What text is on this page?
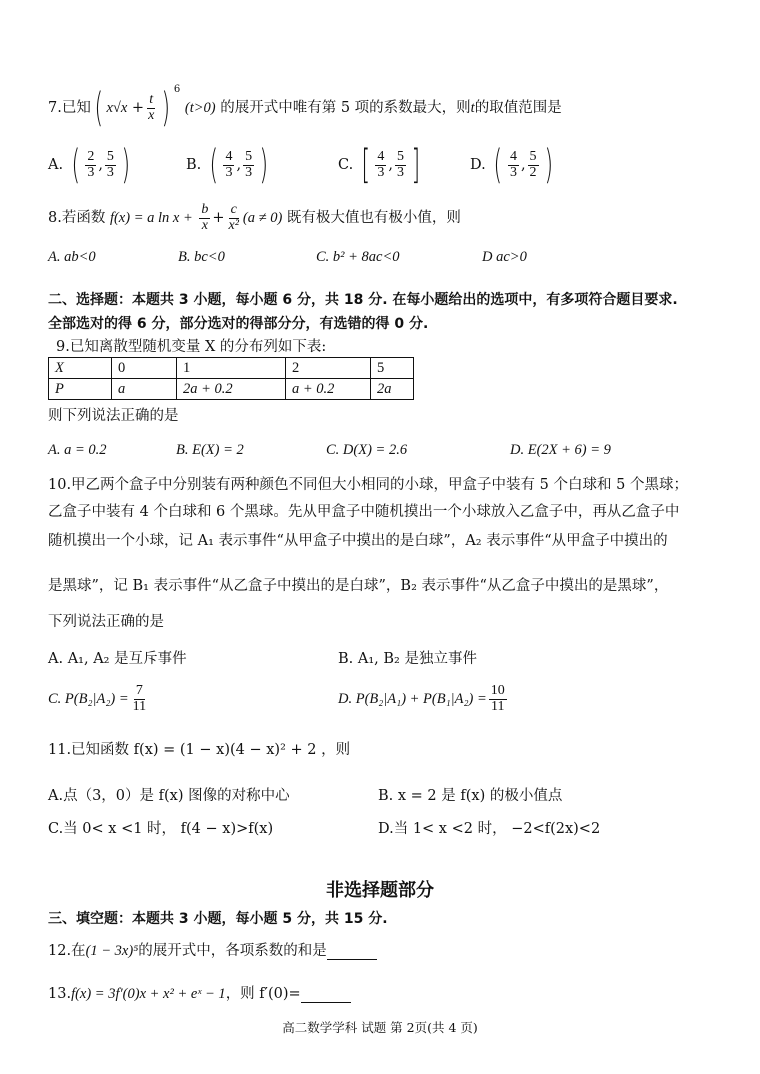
7.已知( $x√x + \frac{t}{x}$ ) $^6$ (t>0) 的展开式中唯有第 5 项的系数最大，则t的取值范围是
A. ( $\frac{2}{3}$ , $\frac{5}{3}$ )	B. ( $\frac{4}{3}$ , $\frac{5}{3}$ )	C. [ $\frac{4}{3}$ , $\frac{5}{3}$ ]	D. ( $\frac{4}{3}$ , $\frac{5}{2}$ )
8.若函数 f(x) = a $\ln x + \frac{b}{x} + \frac{c}{\text{x²}} (a \ne 0)$ 既有极大值也有极小值，则
A. ab<0	B. bc<0	C. b² + 8ac<0	D ac>0
二、选择题：本题共 3 小题，每小题 6 分，共 18 分. 在每小题给出的选项中，有多项符合题目要求.
全部选对的得 6 分，部分选对的得部分分，有选错的得 0 分.
9.已知离散型随机变量 X 的分布列如下表:
X	0	1	2	5
P	a	2a + 0.2	a + 0.2	2a
则下列说法正确的是
A. a = 0.2	B. E(X) = 2	C. D(X) = 2.6	D. E(2X + 6) = 9
10.甲乙两个盒子中分别装有两种颜色不同但大小相同的小球，甲盒子中装有 5 个白球和 5 个黑球；
乙盒子中装有 4 个白球和 6 个黑球。先从甲盒子中随机摸出一个小球放入乙盒子中，再从乙盒子中
随机摸出一个小球，记 A₁ 表示事件“从甲盒子中摸出的是白球”，A₂ 表示事件“从甲盒子中摸出的
是黑球”，记 B₁ 表示事件“从乙盒子中摸出的是白球”，B₂ 表示事件“从乙盒子中摸出的是黑球”，
下列说法正确的是
A. A₁, A₂ 是互斥事件	B. A₁, B₂ 是独立事件
C. $P(B_2|A_2) = \frac{7}{11}$	D. $P(B_2|A_1) + P(B_1|A_2) = \frac{10}{11}$
11.已知函数 f(x) = (1 − x)(4 − x)² + 2 ，则
A.点（3，0）是 f(x) 图像的对称中心	B. x = 2 是 f(x) 的极小值点
C.当 0< x <1 时， f(4 − x)>f(x)	D.当 1< x <2 时， −2<f(2x)<2
非选择题部分
三、填空题：本题共 3 小题，每小题 5 分，共 15 分.
12.在(1 − 3x)⁵的展开式中，各项系数的和是
13.f(x) = 3f′(0)x + x² + eˣ − 1，则 f′(0)=
高二数学学科 试题 第 2页(共 4 页)
